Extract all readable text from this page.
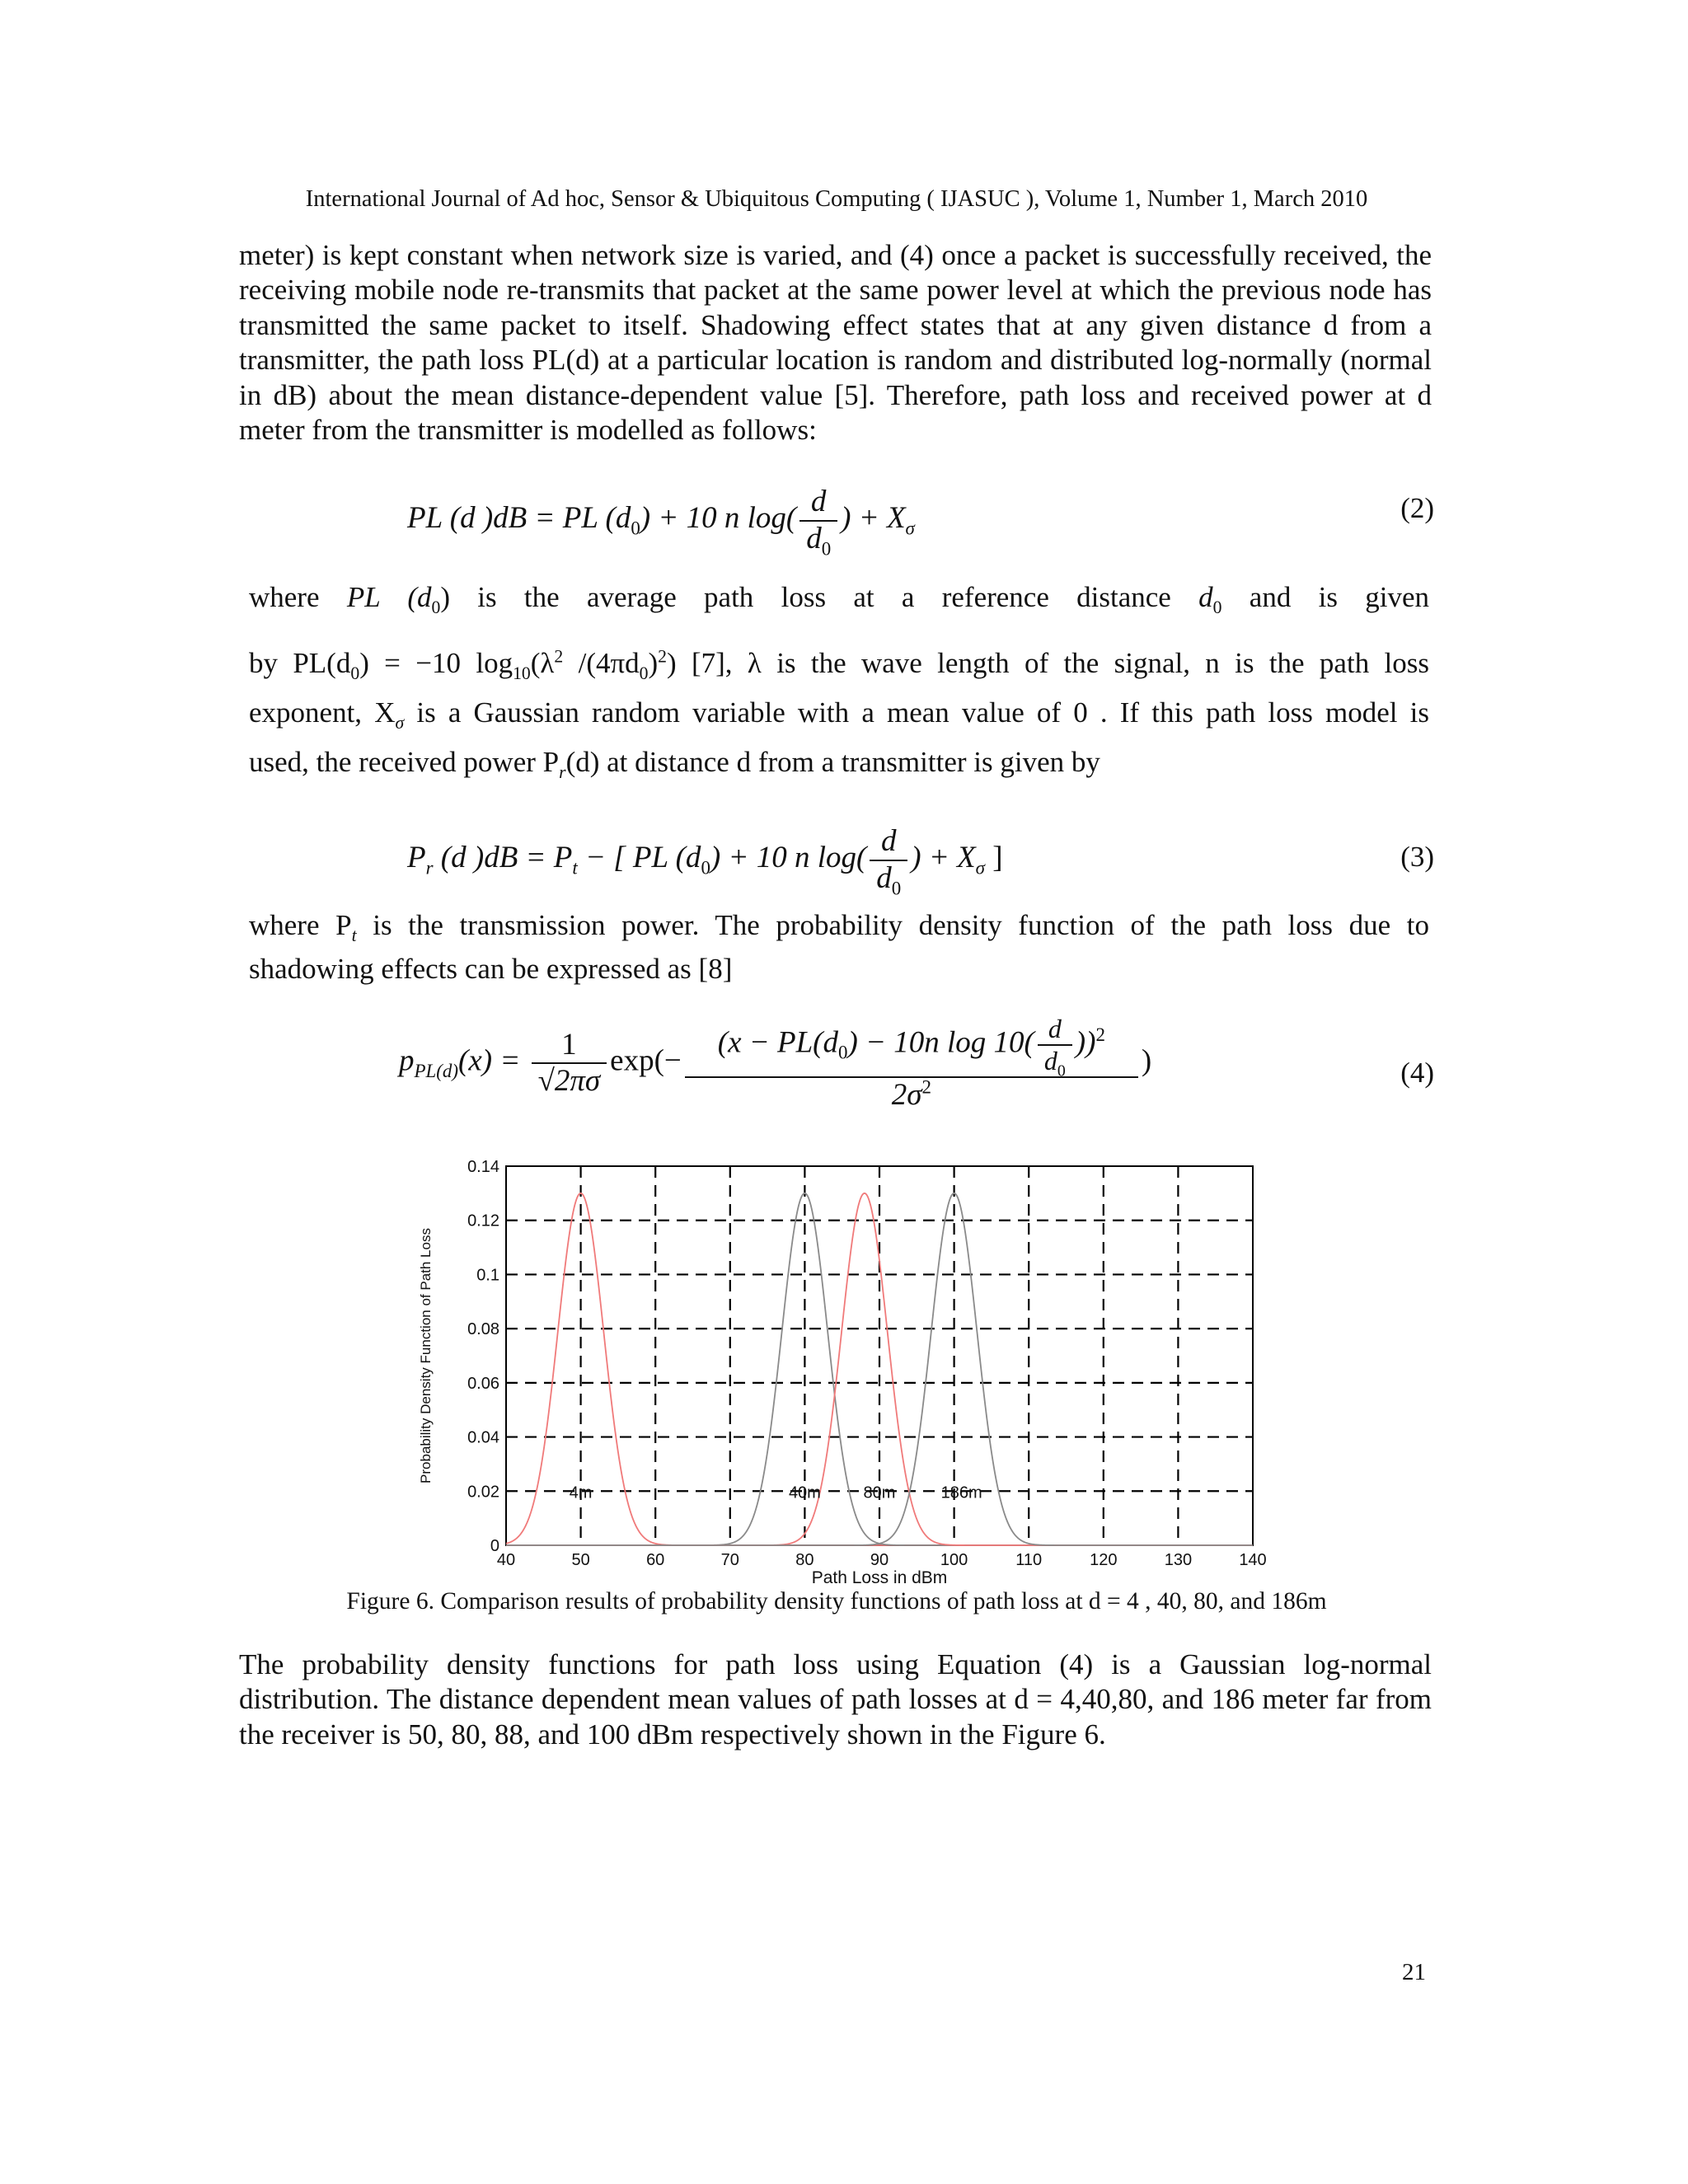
International Journal of Ad hoc, Sensor & Ubiquitous Computing ( IJASUC ), Volume 1, Number 1, March 2010
meter) is kept constant when network size is varied, and (4) once a packet is successfully received, the receiving mobile node re-transmits that packet at the same power level at which the previous node has transmitted the same packet to itself. Shadowing effect states that at any given distance d from a transmitter, the path loss PL(d) at a particular location is random and distributed log-normally (normal in dB) about the mean distance-dependent value [5]. Therefore, path loss and received power at d meter from the transmitter is modelled as follows:
PL (d )dB = PL $(d_0) + 10$ n $\log( \frac{d}{d_0}$ ) + $X_\sigma$
(2)
where PL $(d_0)$ is the average path loss at a reference distance $d_0$ and is given
by $PL(d_0) = -10$ $\log_{10}(\lambda^2$ $/(4\pi d_0)^2$) [7], λ is the wave length of the signal, n is the path loss
exponent, $X_\sigma$ is a Gaussian random variable with a mean value of 0 . If this path loss model is
used, the received power $P_r(d)$ at distance d from a transmitter is given by
$P_r$ (d )$dB = P_t$ − [ PL $(d_0) + 10$ n $\log( \frac{d}{d_0}$ ) + $X_\sigma$ ]	(3)
where $P_t$ is the transmission power. The probability density function of the path loss due to
shadowing effects can be expressed as [8]
$p_{PL(d)}(x) = \frac{1}{√2\pi\sigma} \exp(- \frac{(x - PL(d_0) - 10n \log 10( \frac{d}{d_0} ))^2}{2\sigma^2}$ )	(4)
40	50	60	70	80	90	100	110	120	130	140
0
0.02
0.04
0.06
0.08
0.1
0.12
0.14
Path Loss in dBm
Probability Density Function of Path Loss
4m	40m	80m	186m
Figure 6. Comparison results of probability density functions of path loss at d = 4 , 40, 80, and 186m
The probability density functions for path loss using Equation (4) is a Gaussian log-normal distribution. The distance dependent mean values of path losses at d = 4,40,80, and 186 meter far from the receiver is 50, 80, 88, and 100 dBm respectively shown in the Figure 6.
21
